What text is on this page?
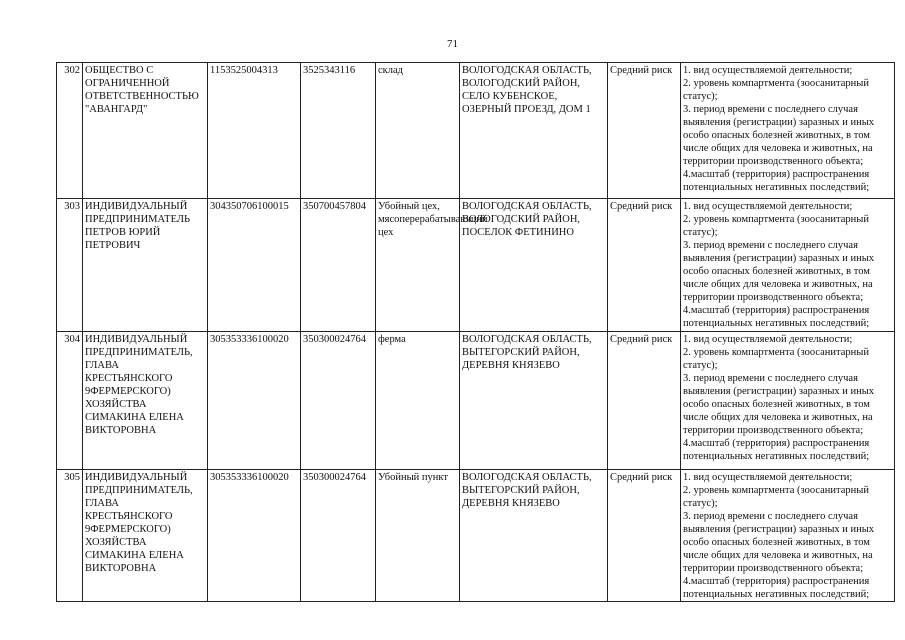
71
302	ОБЩЕСТВО С ОГРАНИЧЕННОЙ ОТВЕТСТВЕННОСТЬЮ "АВАНГАРД"	1153525004313	3525343116	склад	ВОЛОГОДСКАЯ ОБЛАСТЬ, ВОЛОГОДСКИЙ РАЙОН, СЕЛО КУБЕНСКОЕ, ОЗЕРНЫЙ ПРОЕЗД, ДОМ 1	Средний риск	1. вид осуществляемой деятельности;
2. уровень компартмента (зоосанитарный статус);
3. период времени с последнего случая выявления (регистрации) заразных и иных особо опасных болезней животных, в том числе общих для человека и животных, на территории производственного объекта;
4.масштаб (территория) распространения потенциальных негативных последствий;
303	ИНДИВИДУАЛЬНЫЙ ПРЕДПРИНИМАТЕЛЬ ПЕТРОВ ЮРИЙ ПЕТРОВИЧ	304350706100015	350700457804	Убойный цех, мясоперерабатывающий цех	ВОЛОГОДСКАЯ ОБЛАСТЬ, ВОЛОГОДСКИЙ РАЙОН, ПОСЕЛОК ФЕТИНИНО	Средний риск	1. вид осуществляемой деятельности;
2. уровень компартмента (зоосанитарный статус);
3. период времени с последнего случая выявления (регистрации) заразных и иных особо опасных болезней животных, в том числе общих для человека и животных, на территории производственного объекта;
4.масштаб (территория) распространения потенциальных негативных последствий;
304	ИНДИВИДУАЛЬНЫЙ ПРЕДПРИНИМАТЕЛЬ, ГЛАВА КРЕСТЬЯНСКОГО 9ФЕРМЕРСКОГО) ХОЗЯЙСТВА СИМАКИНА ЕЛЕНА ВИКТОРОВНА	305353336100020	350300024764	ферма	ВОЛОГОДСКАЯ ОБЛАСТЬ, ВЫТЕГОРСКИЙ РАЙОН, ДЕРЕВНЯ КНЯЗЕВО	Средний риск	1. вид осуществляемой деятельности;
2. уровень компартмента (зоосанитарный статус);
3. период времени с последнего случая выявления (регистрации) заразных и иных особо опасных болезней животных, в том числе общих для человека и животных, на территории производственного объекта;
4.масштаб (территория) распространения потенциальных негативных последствий;
305	ИНДИВИДУАЛЬНЫЙ ПРЕДПРИНИМАТЕЛЬ, ГЛАВА КРЕСТЬЯНСКОГО 9ФЕРМЕРСКОГО) ХОЗЯЙСТВА СИМАКИНА ЕЛЕНА ВИКТОРОВНА	305353336100020	350300024764	Убойный пункт	ВОЛОГОДСКАЯ ОБЛАСТЬ, ВЫТЕГОРСКИЙ РАЙОН, ДЕРЕВНЯ КНЯЗЕВО	Средний риск	1. вид осуществляемой деятельности;
2. уровень компартмента (зоосанитарный статус);
3. период времени с последнего случая выявления (регистрации) заразных и иных особо опасных болезней животных, в том числе общих для человека и животных, на территории производственного объекта;
4.масштаб (территория) распространения потенциальных негативных последствий;
